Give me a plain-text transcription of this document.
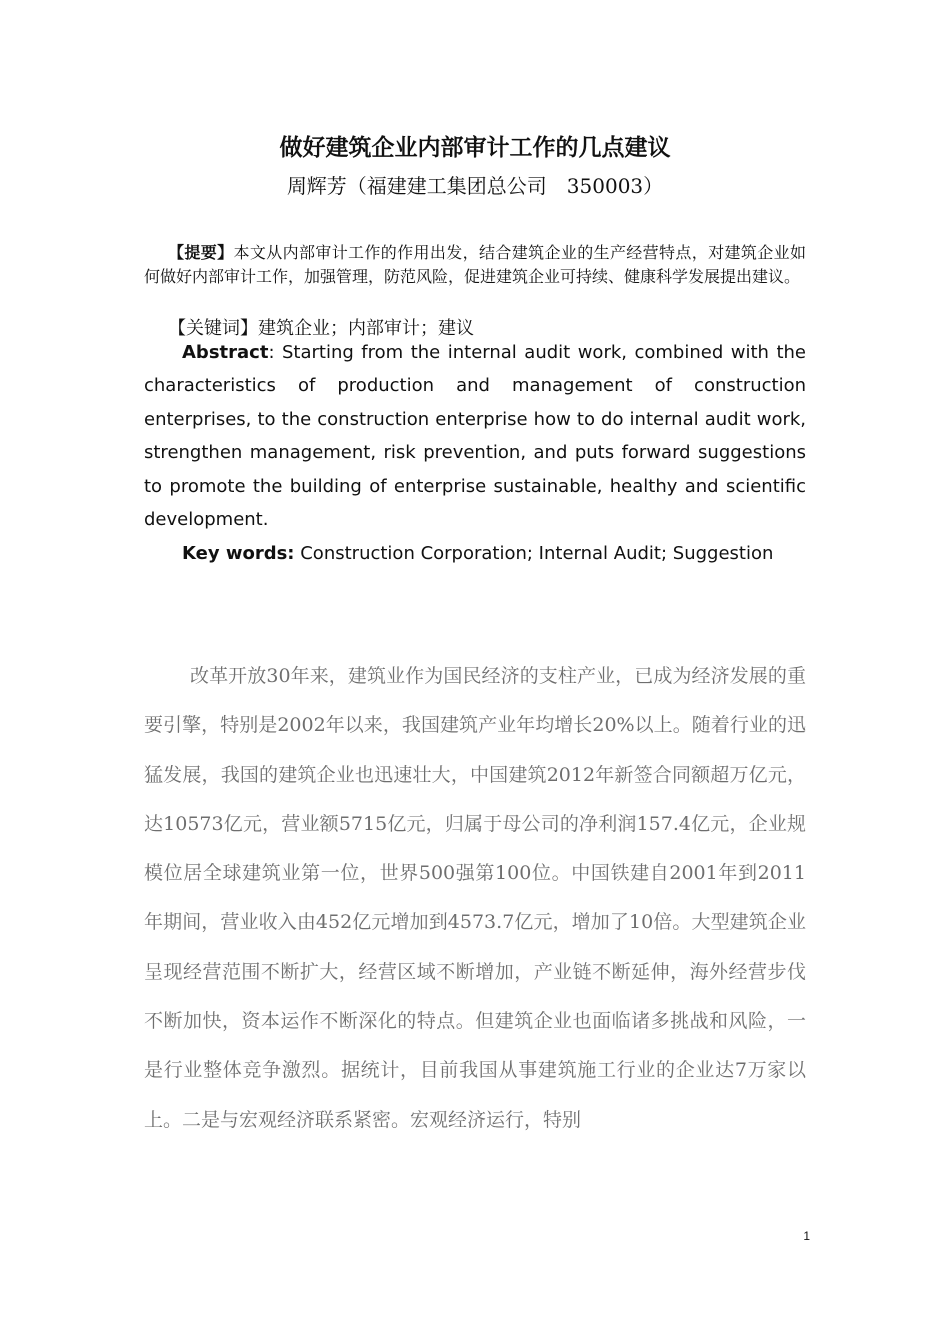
做好建筑企业内部审计工作的几点建议
周辉芳（福建建工集团总公司　350003）
【提要】本文从内部审计工作的作用出发，结合建筑企业的生产经营特点，对建筑企业如何做好内部审计工作，加强管理，防范风险，促进建筑企业可持续、健康科学发展提出建议。
【关键词】建筑企业；内部审计；建议
Abstract: Starting from the internal audit work, combined with the characteristics of production and management of construction enterprises, to the construction enterprise how to do internal audit work, strengthen management, risk prevention, and puts forward suggestions to promote the building of enterprise sustainable, healthy and scientific development.
Key words: Construction Corporation; Internal Audit; Suggestion
改革开放30年来，建筑业作为国民经济的支柱产业，已成为经济发展的重要引擎，特别是2002年以来，我国建筑产业年均增长20%以上。随着行业的迅猛发展，我国的建筑企业也迅速壮大，中国建筑2012年新签合同额超万亿元，达10573亿元，营业额5715亿元，归属于母公司的净利润157.4亿元，企业规模位居全球建筑业第一位，世界500强第100位。中国铁建自2001年到2011年期间，营业收入由452亿元增加到4573.7亿元，增加了10倍。大型建筑企业呈现经营范围不断扩大，经营区域不断增加，产业链不断延伸，海外经营步伐不断加快，资本运作不断深化的特点。但建筑企业也面临诸多挑战和风险，一是行业整体竞争激烈。据统计，目前我国从事建筑施工行业的企业达7万家以上。二是与宏观经济联系紧密。宏观经济运行，特别
1
